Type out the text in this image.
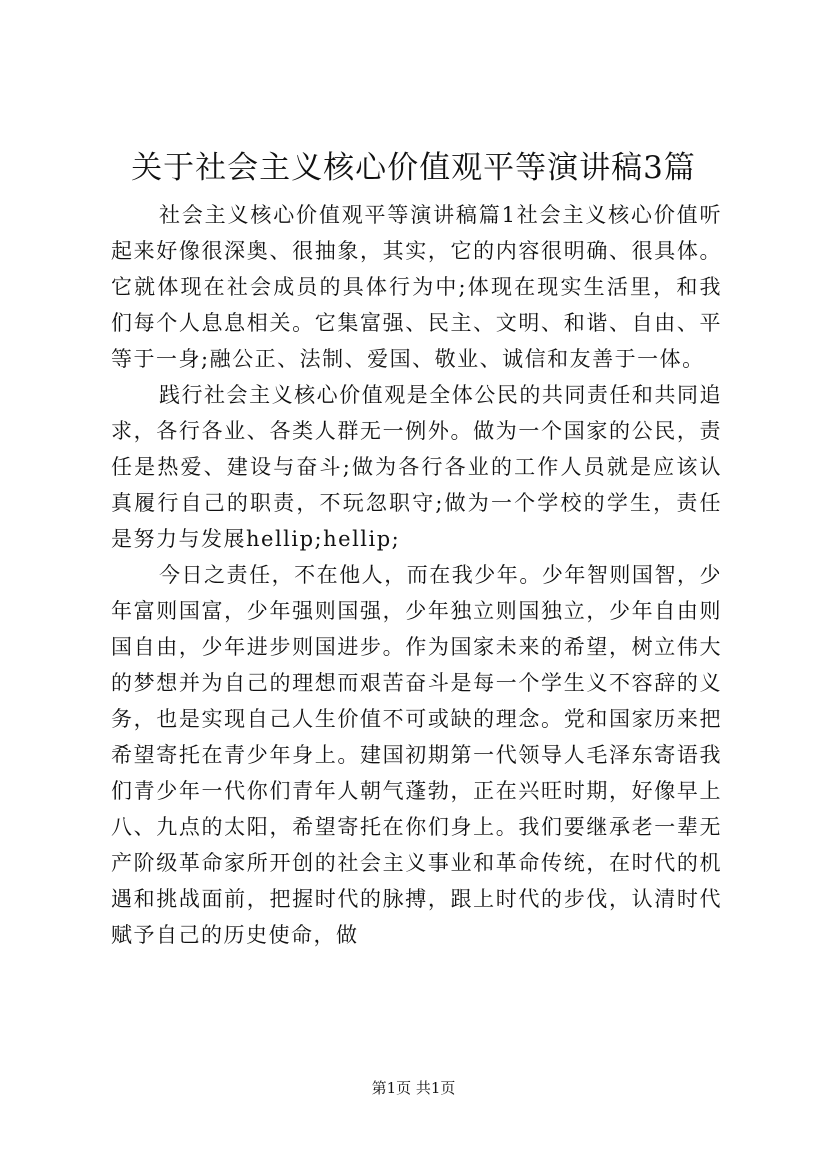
关于社会主义核心价值观平等演讲稿3篇

社会主义核心价值观平等演讲稿篇1社会主义核心价值听起来好像很深奥、很抽象，其实，它的内容很明确、很具体。它就体现在社会成员的具体行为中;体现在现实生活里，和我们每个人息息相关。它集富强、民主、文明、和谐、自由、平等于一身;融公正、法制、爱国、敬业、诚信和友善于一体。

践行社会主义核心价值观是全体公民的共同责任和共同追求，各行各业、各类人群无一例外。做为一个国家的公民，责任是热爱、建设与奋斗;做为各行各业的工作人员就是应该认真履行自己的职责，不玩忽职守;做为一个学校的学生，责任是努力与发展hellip;hellip;

今日之责任，不在他人，而在我少年。少年智则国智，少年富则国富，少年强则国强，少年独立则国独立，少年自由则国自由，少年进步则国进步。作为国家未来的希望，树立伟大的梦想并为自己的理想而艰苦奋斗是每一个学生义不容辞的义务，也是实现自己人生价值不可或缺的理念。党和国家历来把希望寄托在青少年身上。建国初期第一代领导人毛泽东寄语我们青少年一代你们青年人朝气蓬勃，正在兴旺时期，好像早上八、九点的太阳，希望寄托在你们身上。我们要继承老一辈无产阶级革命家所开创的社会主义事业和革命传统，在时代的机遇和挑战面前，把握时代的脉搏，跟上时代的步伐，认清时代赋予自己的历史使命，做

第1页 共1页
